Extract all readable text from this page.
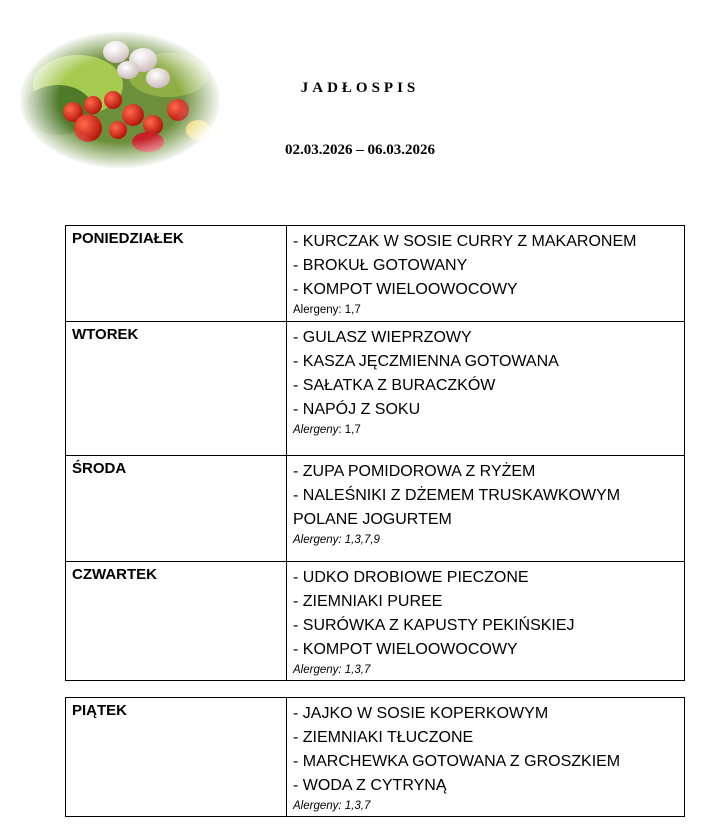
JADŁOSPIS
02.03.2026 – 06.03.2026
PONIEDZIAŁEK	- KURCZAK W SOSIE CURRY Z MAKARONEM
- BROKUŁ GOTOWANY
- KOMPOT WIELOOWOCOWY
Alergeny: 1,7

WTOREK	- GULASZ WIEPRZOWY
- KASZA JĘCZMIENNA GOTOWANA
- SAŁATKA Z BURACZKÓW
- NAPÓJ Z SOKU
Alergeny: 1,7

ŚRODA	- ZUPA POMIDOROWA Z RYŻEM
- NALEŚNIKI Z DŻEMEM TRUSKAWKOWYM
POLANE JOGURTEM
Alergeny: 1,3,7,9

CZWARTEK	- UDKO DROBIOWE PIECZONE
- ZIEMNIAKI PUREE
- SURÓWKA Z KAPUSTY PEKIŃSKIEJ
- KOMPOT WIELOOWOCOWY
Alergeny: 1,3,7
PIĄTEK	- JAJKO W SOSIE KOPERKOWYM
- ZIEMNIAKI TŁUCZONE
- MARCHEWKA GOTOWANA Z GROSZKIEM
- WODA Z CYTRYNĄ
Alergeny: 1,3,7
